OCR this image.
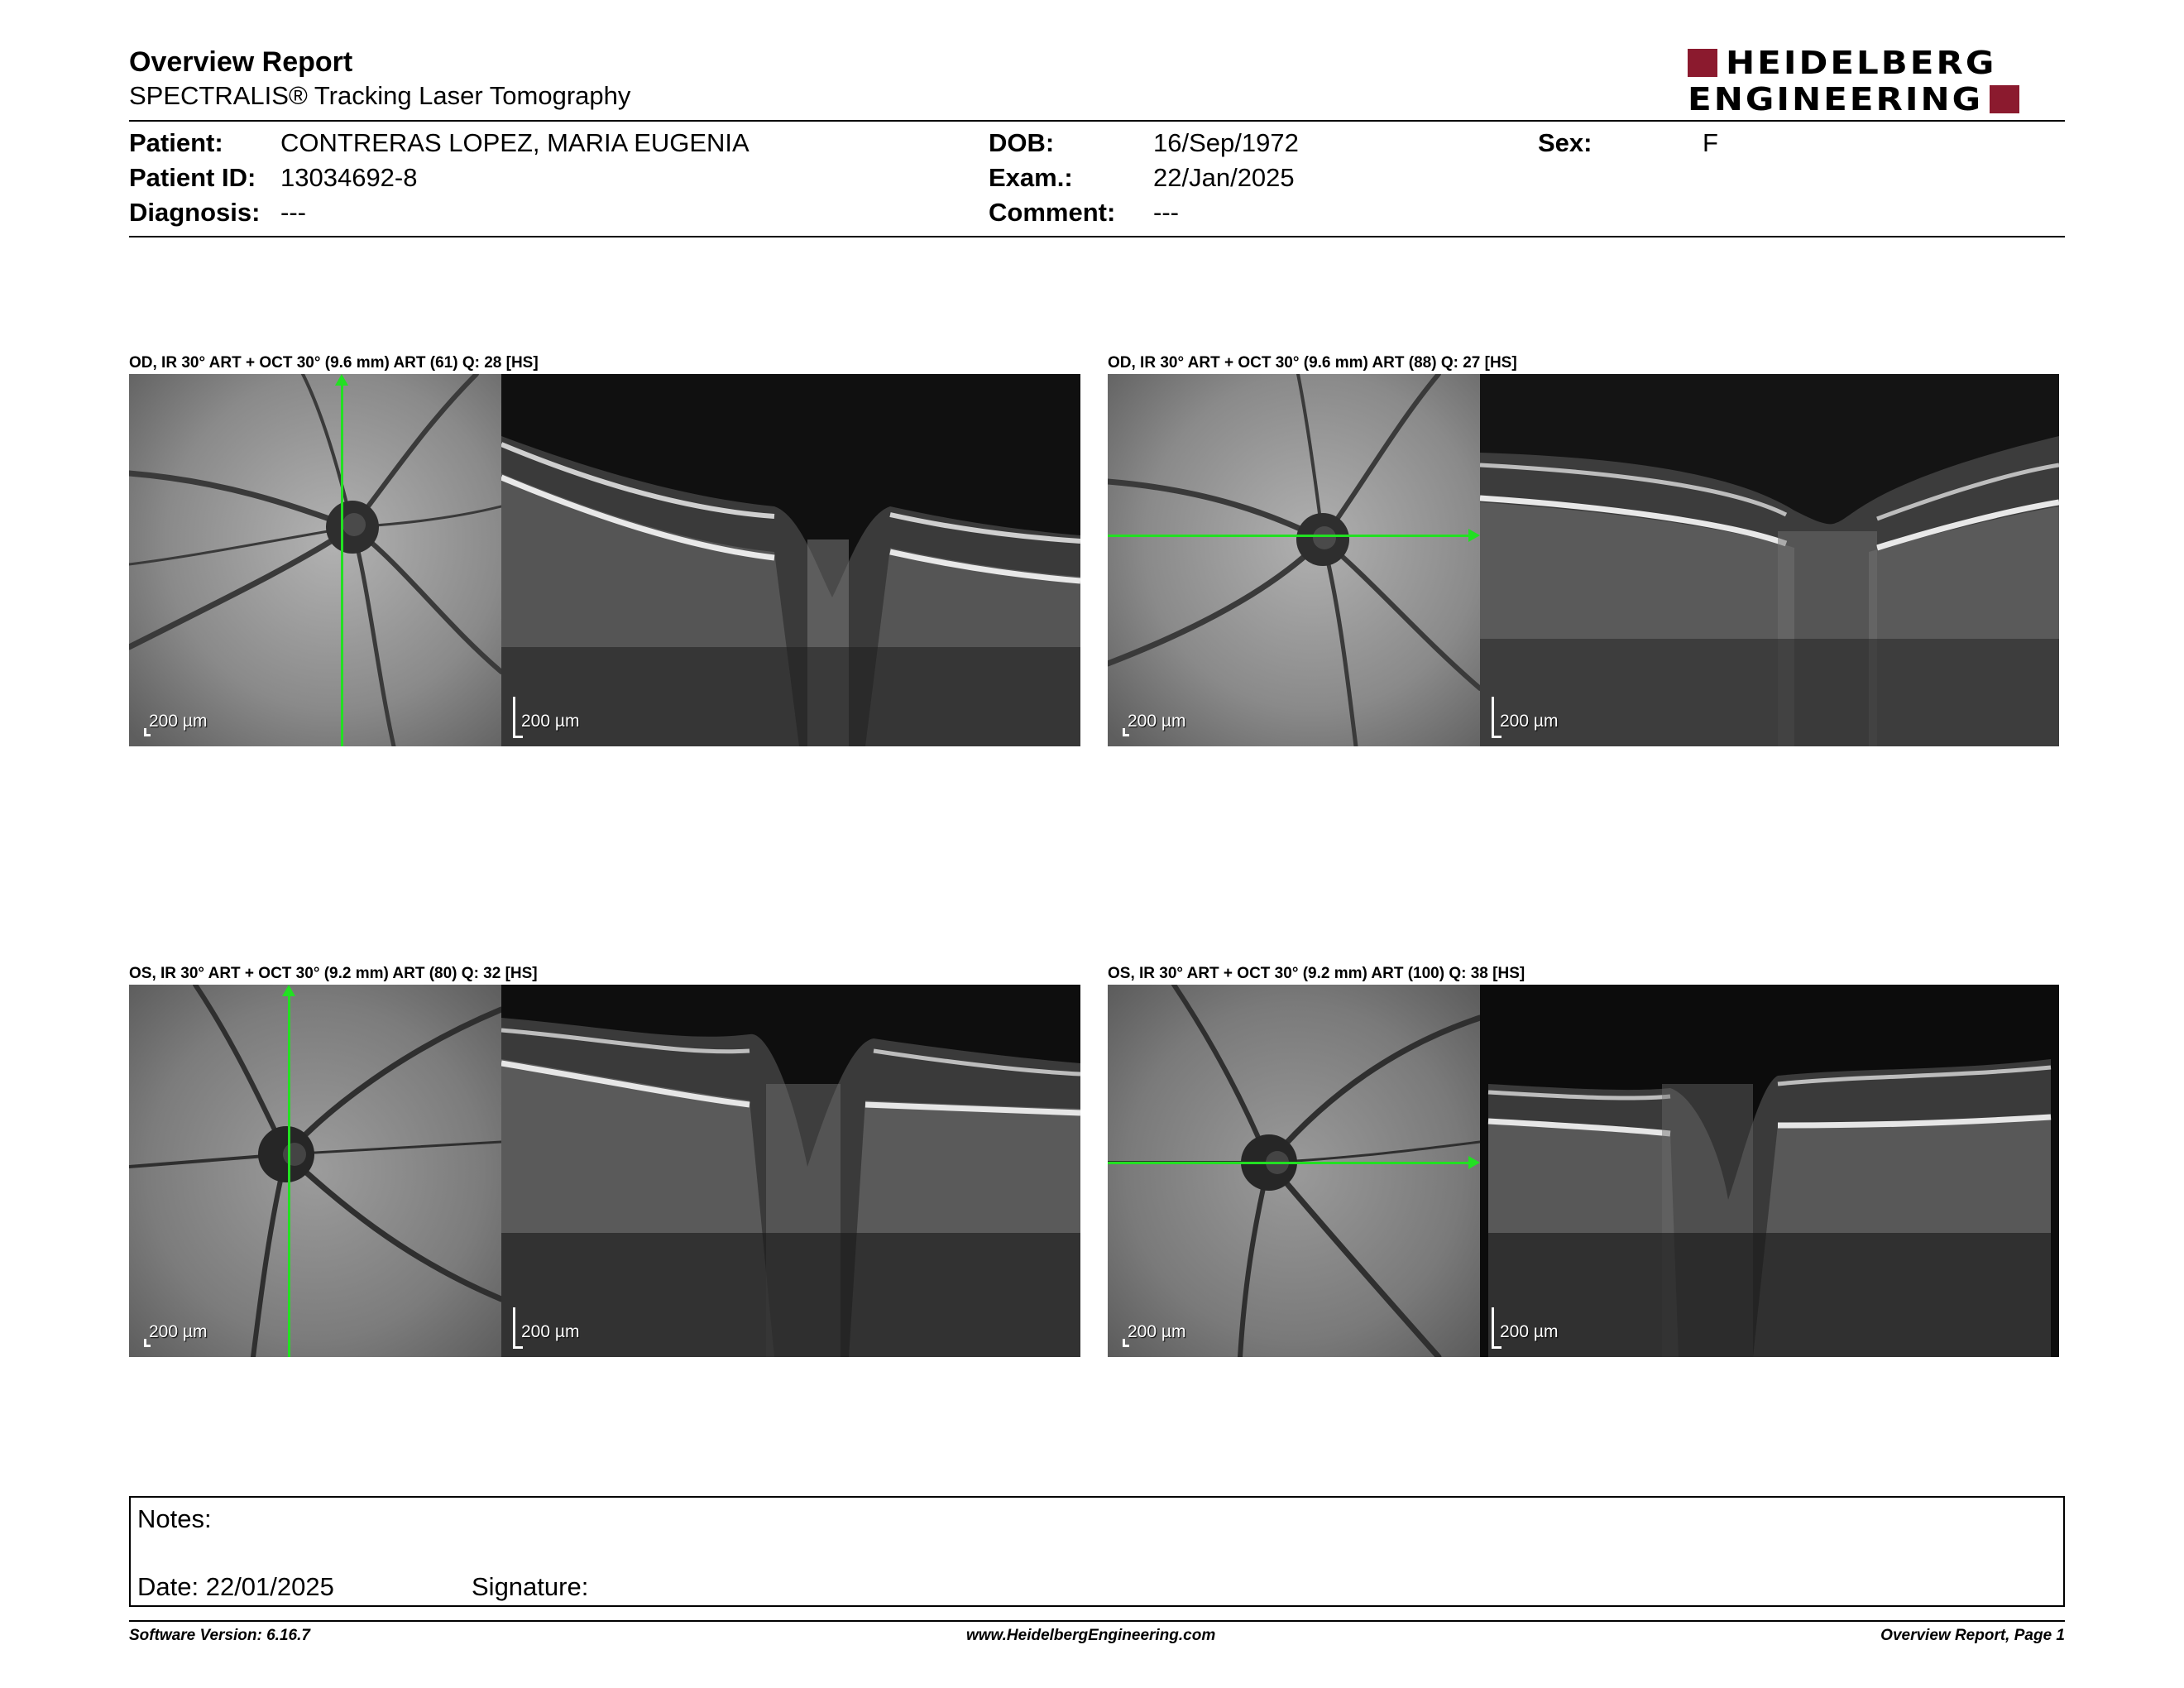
Overview Report
SPECTRALIS® Tracking Laser Tomography
HEIDELBERG
ENGINEERING
Patient: CONTRERAS LOPEZ, MARIA EUGENIA
Patient ID: 13034692-8
Diagnosis: ---
DOB:	16/Sep/1972
Exam.:	22/Jan/2025
Comment: ---
Sex:	F
OD, IR 30° ART + OCT 30° (9.6 mm) ART (61) Q: 28 [HS]
200 µm	200 µm
OD, IR 30° ART + OCT 30° (9.6 mm) ART (88) Q: 27 [HS]
200 µm	200 µm
OS, IR 30° ART + OCT 30° (9.2 mm) ART (80) Q: 32 [HS]
200 µm	200 µm
OS, IR 30° ART + OCT 30° (9.2 mm) ART (100) Q: 38 [HS]
200 µm	200 µm
Notes:
Date: 22/01/2025	Signature:
Software Version: 6.16.7	www.HeidelbergEngineering.com	Overview Report, Page 1
